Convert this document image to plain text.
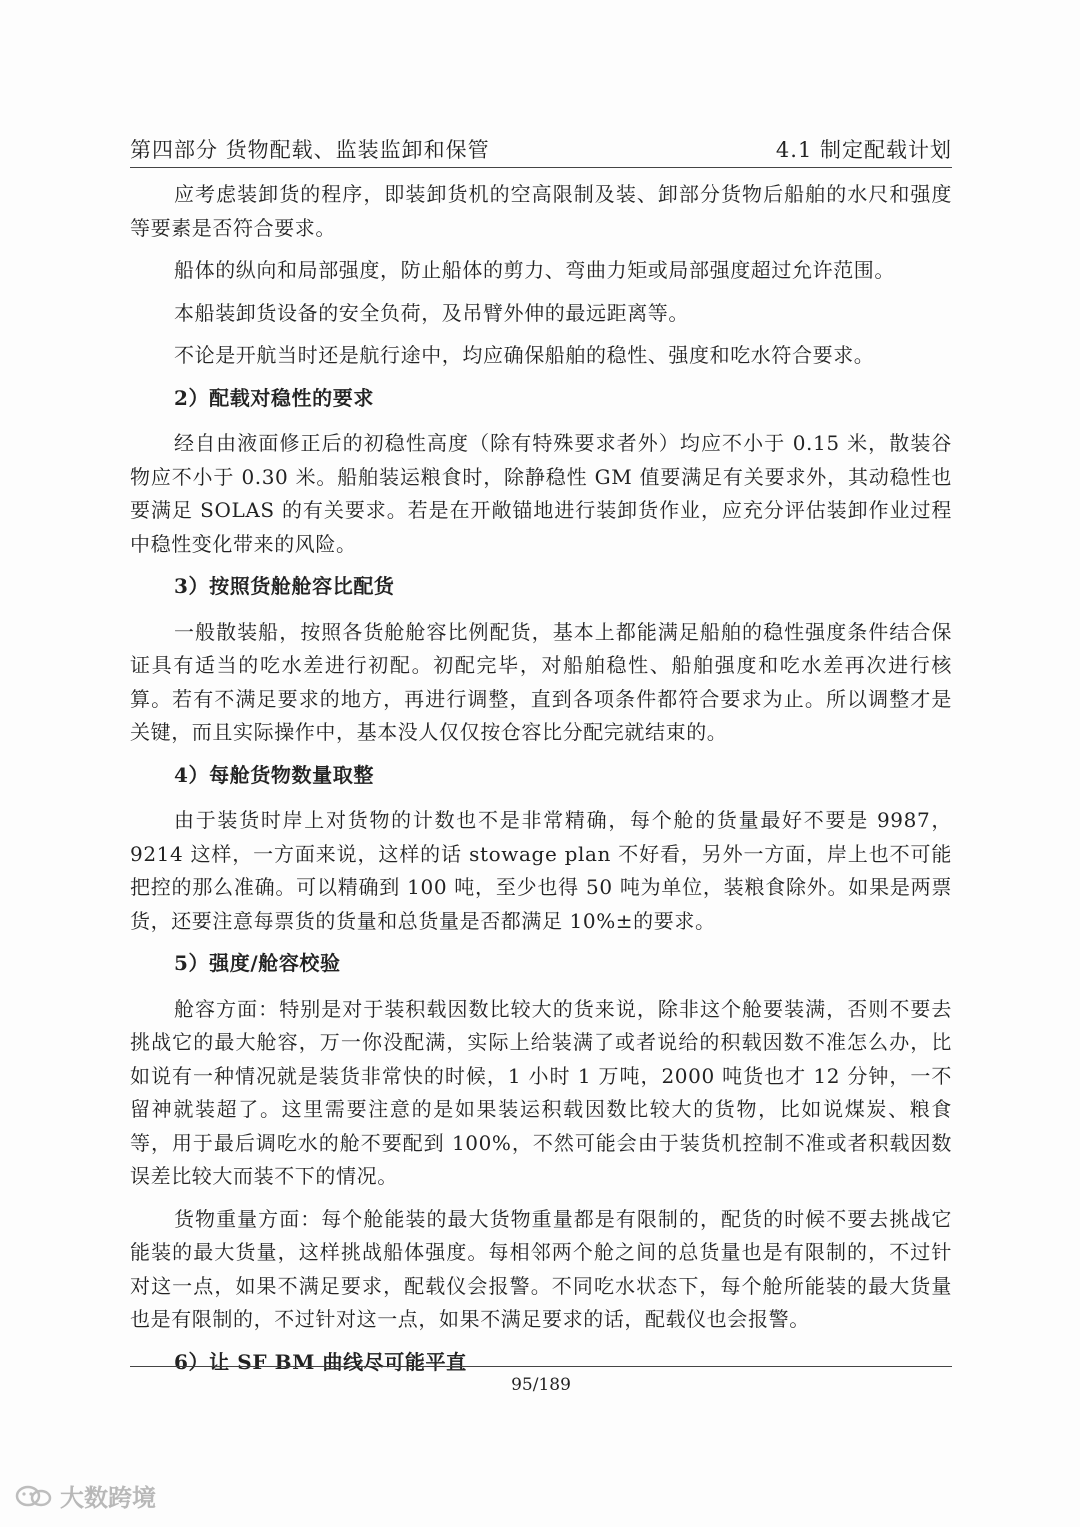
第四部分 货物配载、监装监卸和保管	4.1 制定配载计划
应考虑装卸货的程序，即装卸货机的空高限制及装、卸部分货物后船舶的水尺和强度等要素是否符合要求。
船体的纵向和局部强度，防止船体的剪力、弯曲力矩或局部强度超过允许范围。
本船装卸货设备的安全负荷，及吊臂外伸的最远距离等。
不论是开航当时还是航行途中，均应确保船舶的稳性、强度和吃水符合要求。
2）配载对稳性的要求
经自由液面修正后的初稳性高度（除有特殊要求者外）均应不小于 0.15 米，散装谷物应不小于 0.30 米。船舶装运粮食时，除静稳性 GM 值要满足有关要求外，其动稳性也要满足 SOLAS 的有关要求。若是在开敞锚地进行装卸货作业，应充分评估装卸作业过程中稳性变化带来的风险。
3）按照货舱舱容比配货
一般散装船，按照各货舱舱容比例配货，基本上都能满足船舶的稳性强度条件结合保证具有适当的吃水差进行初配。初配完毕，对船舶稳性、船舶强度和吃水差再次进行核算。若有不满足要求的地方，再进行调整，直到各项条件都符合要求为止。所以调整才是关键，而且实际操作中，基本没人仅仅按仓容比分配完就结束的。
4）每舱货物数量取整
由于装货时岸上对货物的计数也不是非常精确，每个舱的货量最好不要是 9987，9214 这样，一方面来说，这样的话 stowage plan 不好看，另外一方面，岸上也不可能把控的那么准确。可以精确到 100 吨，至少也得 50 吨为单位，装粮食除外。如果是两票货，还要注意每票货的货量和总货量是否都满足 10%±的要求。
5）强度/舱容校验
舱容方面：特别是对于装积载因数比较大的货来说，除非这个舱要装满，否则不要去挑战它的最大舱容，万一你没配满，实际上给装满了或者说给的积载因数不准怎么办，比如说有一种情况就是装货非常快的时候，1 小时 1 万吨，2000 吨货也才 12 分钟，一不留神就装超了。这里需要注意的是如果装运积载因数比较大的货物，比如说煤炭、粮食等，用于最后调吃水的舱不要配到 100%，不然可能会由于装货机控制不准或者积载因数误差比较大而装不下的情况。
货物重量方面：每个舱能装的最大货物重量都是有限制的，配货的时候不要去挑战它能装的最大货量，这样挑战船体强度。每相邻两个舱之间的总货量也是有限制的，不过针对这一点，如果不满足要求，配载仪会报警。不同吃水状态下，每个舱所能装的最大货量也是有限制的，不过针对这一点，如果不满足要求的话，配载仪也会报警。
6）让 SF BM 曲线尽可能平直
95/189
大数跨境
